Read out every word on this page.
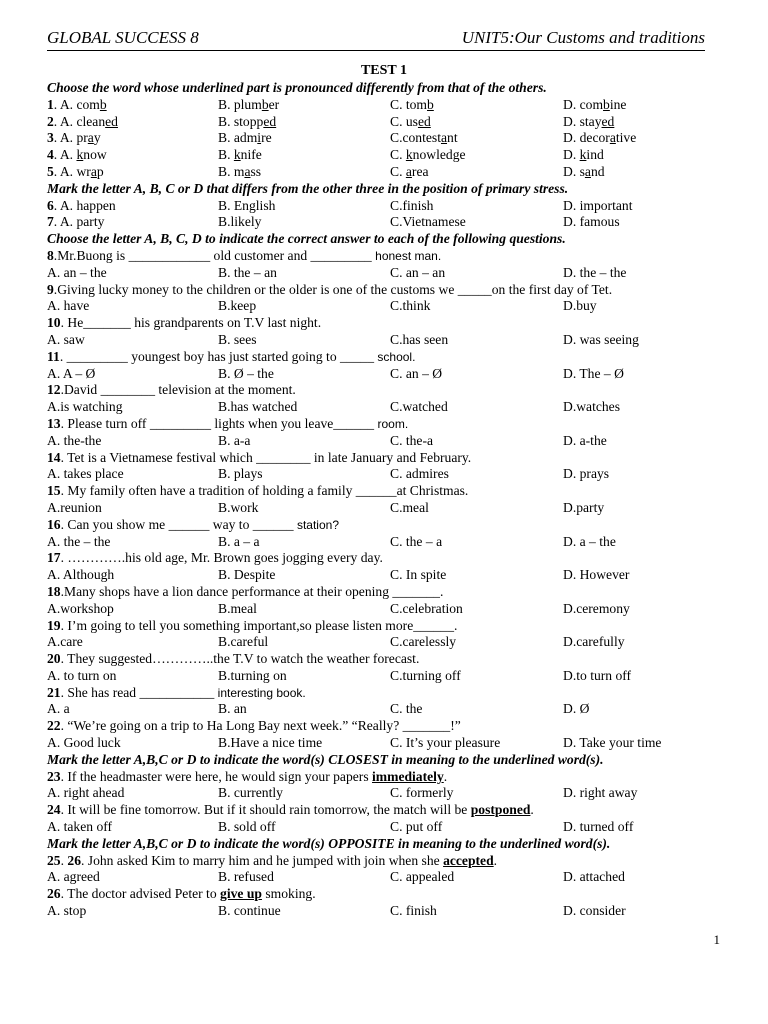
GLOBAL SUCCESS 8	UNIT5:Our Customs and traditions
TEST 1
Choose the word whose underlined part is pronounced differently from that of the others.
1. A. comb	B. plumber	C. tomb	D. combine
2. A. cleaned	B. stopped	C. used	D. stayed
3. A. pray	B. admire	C.contestant	D. decorative
4. A. know	B. knife	C. knowledge	D. kind
5. A. wrap	B. mass	C. area	D. sand
Mark the letter A, B, C or D that differs from the other three in the position of primary stress.
6. A. happen	B. English	C.finish	D. important
7. A. party	B.likely	C.Vietnamese	D. famous
Choose the letter A, B, C, D to indicate the correct answer to each of the following questions.
8.Mr.Buong is ____________ old customer and _________ honest man.
A. an – the	B. the – an	C. an – an	D. the – the
9.Giving lucky money to the children or the older is one of the customs we _____on the first day of Tet.
A. have	B.keep	C.think	D.buy
10. He_______ his grandparents on T.V last night.
A. saw	B. sees	C.has seen	D. was seeing
11. _________ youngest boy has just started going to _____ school.
A. A – Ø	B. Ø – the	C. an – Ø	D. The – Ø
12.David ________ television at the moment.
A.is watching	B.has watched	C.watched	D.watches
13. Please turn off _________ lights when you leave______ room.
A. the-the	B. a-a	C. the-a	D. a-the
14. Tet is a Vietnamese festival which ________ in late January and February.
A. takes place	B. plays	C. admires	D. prays
15. My family often have a tradition of holding a family ______at Christmas.
A.reunion	B.work	C.meal	D.party
16. Can you show me ______ way to ______ station?
A. the – the	B. a – a	C. the – a	D. a – the
17. ………….his old age, Mr. Brown goes jogging every day.
A. Although	B. Despite	C. In spite	D. However
18.Many shops have a lion dance performance at their opening _______.
A.workshop	B.meal	C.celebration	D.ceremony
19. I’m going to tell you something important,so please listen more______.
A.care	B.careful	C.carelessly	D.carefully
20. They suggested…………..the T.V to watch the weather forecast.
A. to turn on	B.turning on	C.turning off	D.to turn off
21. She has read ___________ interesting book.
A. a	B. an	C. the	D. Ø
22. “We’re going on a trip to Ha Long Bay next week.” “Really? _______!”
A. Good luck	B.Have a nice time	C. It’s your pleasure	D. Take your time
Mark the letter A,B,C or D to indicate the word(s) CLOSEST in meaning to the underlined word(s).
23. If the headmaster were here, he would sign your papers immediately.
A. right ahead	B. currently	C. formerly	D. right away
24. It will be fine tomorrow. But if it should rain tomorrow, the match will be postponed.
A. taken off	B. sold off	C. put off	D. turned off
Mark the letter A,B,C or D to indicate the word(s) OPPOSITE in meaning to the underlined word(s).
25. 26. John asked Kim to marry him and he jumped with join when she accepted.
A. agreed	B. refused	C. appealed	D. attached
26. The doctor advised Peter to give up smoking.
A. stop	B. continue	C. finish	D. consider
1
